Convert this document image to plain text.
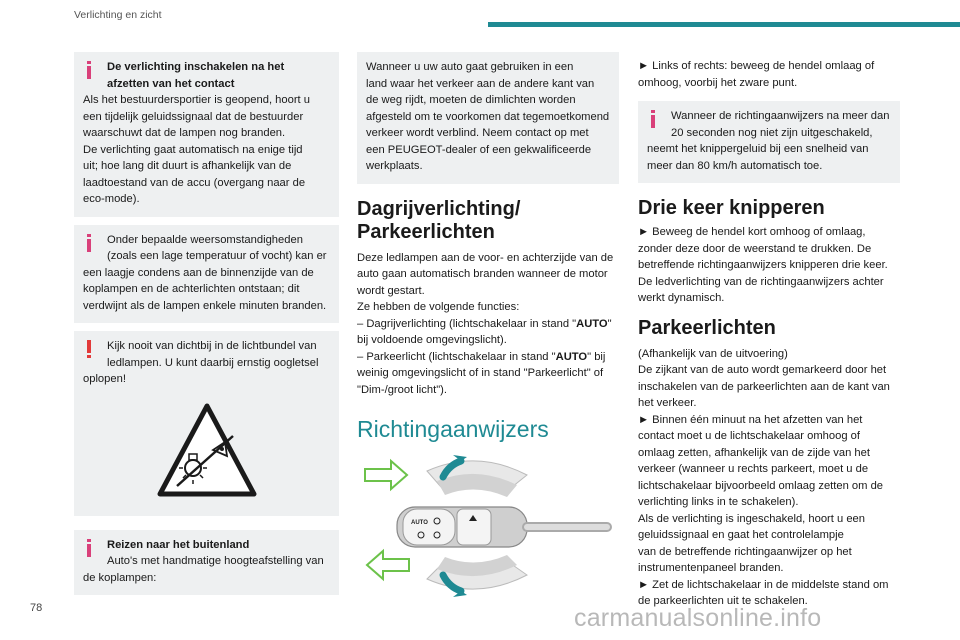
Verlichting en zicht

De verlichting inschakelen na het

afzetten van het contact

Als het bestuurdersportier is geopend, hoort u

een tijdelijk geluidssignaal dat de bestuurder

waarschuwt dat de lampen nog branden.

De verlichting gaat automatisch na enige tijd

uit; hoe lang dit duurt is afhankelijk van de

laadtoestand van de accu (overgang naar de

eco-mode).

Onder bepaalde weersomstandigheden

(zoals een lage temperatuur of vocht) kan er

een laagje condens aan de binnenzijde van de

koplampen en de achterlichten ontstaan; dit

verdwijnt als de lampen enkele minuten branden.

Kijk nooit van dichtbij in de lichtbundel van

ledlampen. U kunt daarbij ernstig oogletsel

oplopen!

Reizen naar het buitenland

Auto's met handmatige hoogteafstelling van

de koplampen:

Wanneer u uw auto gaat gebruiken in een

land waar het verkeer aan de andere kant van

de weg rijdt, moeten de dimlichten worden

afgesteld om te voorkomen dat tegemoetkomend

verkeer wordt verblind. Neem contact op met

een PEUGEOT-dealer of een gekwalificeerde

werkplaats.

Dagrijverlichting/
Parkeerlichten

Deze ledlampen aan de voor- en achterzijde van de

auto gaan automatisch branden wanneer de motor

wordt gestart.

Ze hebben de volgende functies:

– Dagrijverlichting (lichtschakelaar in stand "AUTO"

bij voldoende omgevingslicht).

– Parkeerlicht (lichtschakelaar in stand "AUTO" bij

weinig omgevingslicht of in stand "Parkeerlicht" of

"Dim-/groot licht").

Richtingaanwijzers
AUTO

► Links of rechts: beweeg de hendel omlaag of

omhoog, voorbij het zware punt.

Wanneer de richtingaanwijzers na meer dan

20 seconden nog niet zijn uitgeschakeld,

neemt het knippergeluid bij een snelheid van

meer dan 80 km/h automatisch toe.

Drie keer knipperen

► Beweeg de hendel kort omhoog of omlaag,

zonder deze door de weerstand te drukken. De

betreffende richtingaanwijzers knipperen drie keer.

De ledverlichting van de richtingaanwijzers achter

werkt dynamisch.

Parkeerlichten

(Afhankelijk van de uitvoering)

De zijkant van de auto wordt gemarkeerd door het

inschakelen van de parkeerlichten aan de kant van

het verkeer.

► Binnen één minuut na het afzetten van het

contact moet u de lichtschakelaar omhoog of

omlaag zetten, afhankelijk van de zijde van het

verkeer (wanneer u rechts parkeert, moet u de

lichtschakelaar bijvoorbeeld omlaag zetten om de

verlichting links in te schakelen).

Als de verlichting is ingeschakeld, hoort u een

geluidssignaal en gaat het controlelampje

van de betreffende richtingaanwijzer op het

instrumentenpaneel branden.

► Zet de lichtschakelaar in de middelste stand om

de parkeerlichten uit te schakelen.

78	carmanualsonline.info
